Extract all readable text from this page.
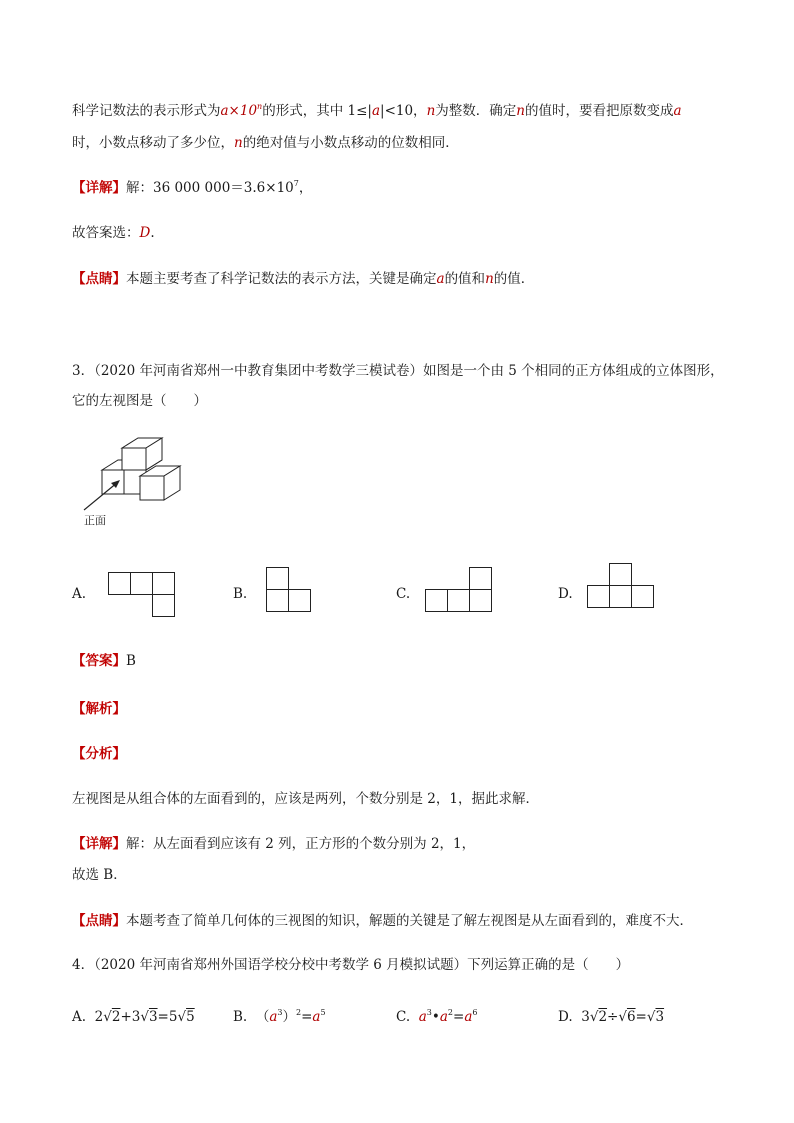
科学记数法的表示形式为$a\times 10^n$的形式，其中 1≤|a|<10，n为整数．确定n的值时，要看把原数变成a
时，小数点移动了多少位，n的绝对值与小数点移动的位数相同．
【详解】解：36 000 $000=3.6\times 10^7$，
故答案选：D.
【点睛】本题主要考查了科学记数法的表示方法，关键是确定a的值和n的值．
3．（2020 年河南省郑州一中教育集团中考数学三模试卷）如图是一个由 5 个相同的正方体组成的立体图形，
它的左视图是（　　）
正面
A.	B.	C.	D.
【答案】B
【解析】
【分析】
左视图是从组合体的左面看到的，应该是两列，个数分别是 2，1，据此求解．
【详解】解：从左面看到应该有 2 列，正方形的个数分别为 2，1，
故选 B．
【点睛】本题考查了简单几何体的三视图的知识，解题的关键是了解左视图是从左面看到的，难度不大．
4．（2020 年河南省郑州外国语学校分校中考数学 6 月模拟试题）下列运算正确的是（　　）
A. 2√2+3√3=5√5	B. $(a^3)^2=a^5$	C. $a^3•a^2=a^6$	D. 3√2÷√6=√3
